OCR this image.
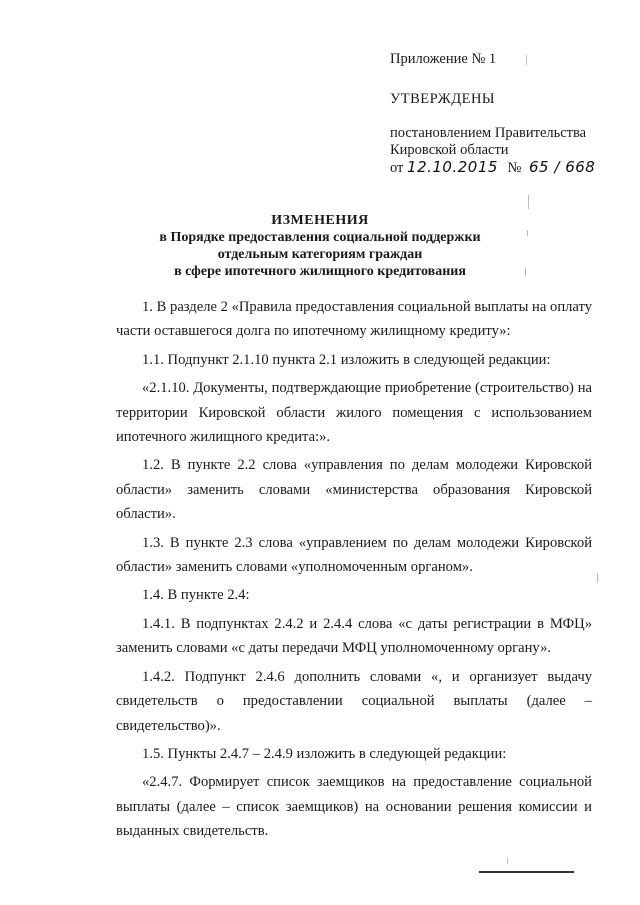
Приложение № 1
УТВЕРЖДЕНЫ
постановлением Правительства
Кировской области
от 12.10.2015 № 65 / 668
ИЗМЕНЕНИЯ
в Порядке предоставления социальной поддержки
отдельным категориям граждан
в сфере ипотечного жилищного кредитования

1. В разделе 2 «Правила предоставления социальной выплаты на оплату части оставшегося долга по ипотечному жилищному кредиту»:

1.1. Подпункт 2.1.10 пункта 2.1 изложить в следующей редакции:

«2.1.10. Документы, подтверждающие приобретение (строительство) на территории Кировской области жилого помещения с использованием ипотечного жилищного кредита:».

1.2. В пункте 2.2 слова «управления по делам молодежи Кировской области» заменить словами «министерства образования Кировской области».

1.3. В пункте 2.3 слова «управлением по делам молодежи Кировской области» заменить словами «уполномоченным органом».

1.4. В пункте 2.4:

1.4.1. В подпунктах 2.4.2 и 2.4.4 слова «с даты регистрации в МФЦ» заменить словами «с даты передачи МФЦ уполномоченному органу».

1.4.2. Подпункт 2.4.6 дополнить словами «, и организует выдачу свидетельств о предоставлении социальной выплаты (далее – свидетельство)».

1.5. Пункты 2.4.7 – 2.4.9 изложить в следующей редакции:

«2.4.7. Формирует список заемщиков на предоставление социальной выплаты (далее – список заемщиков) на основании решения комиссии и выданных свидетельств.
